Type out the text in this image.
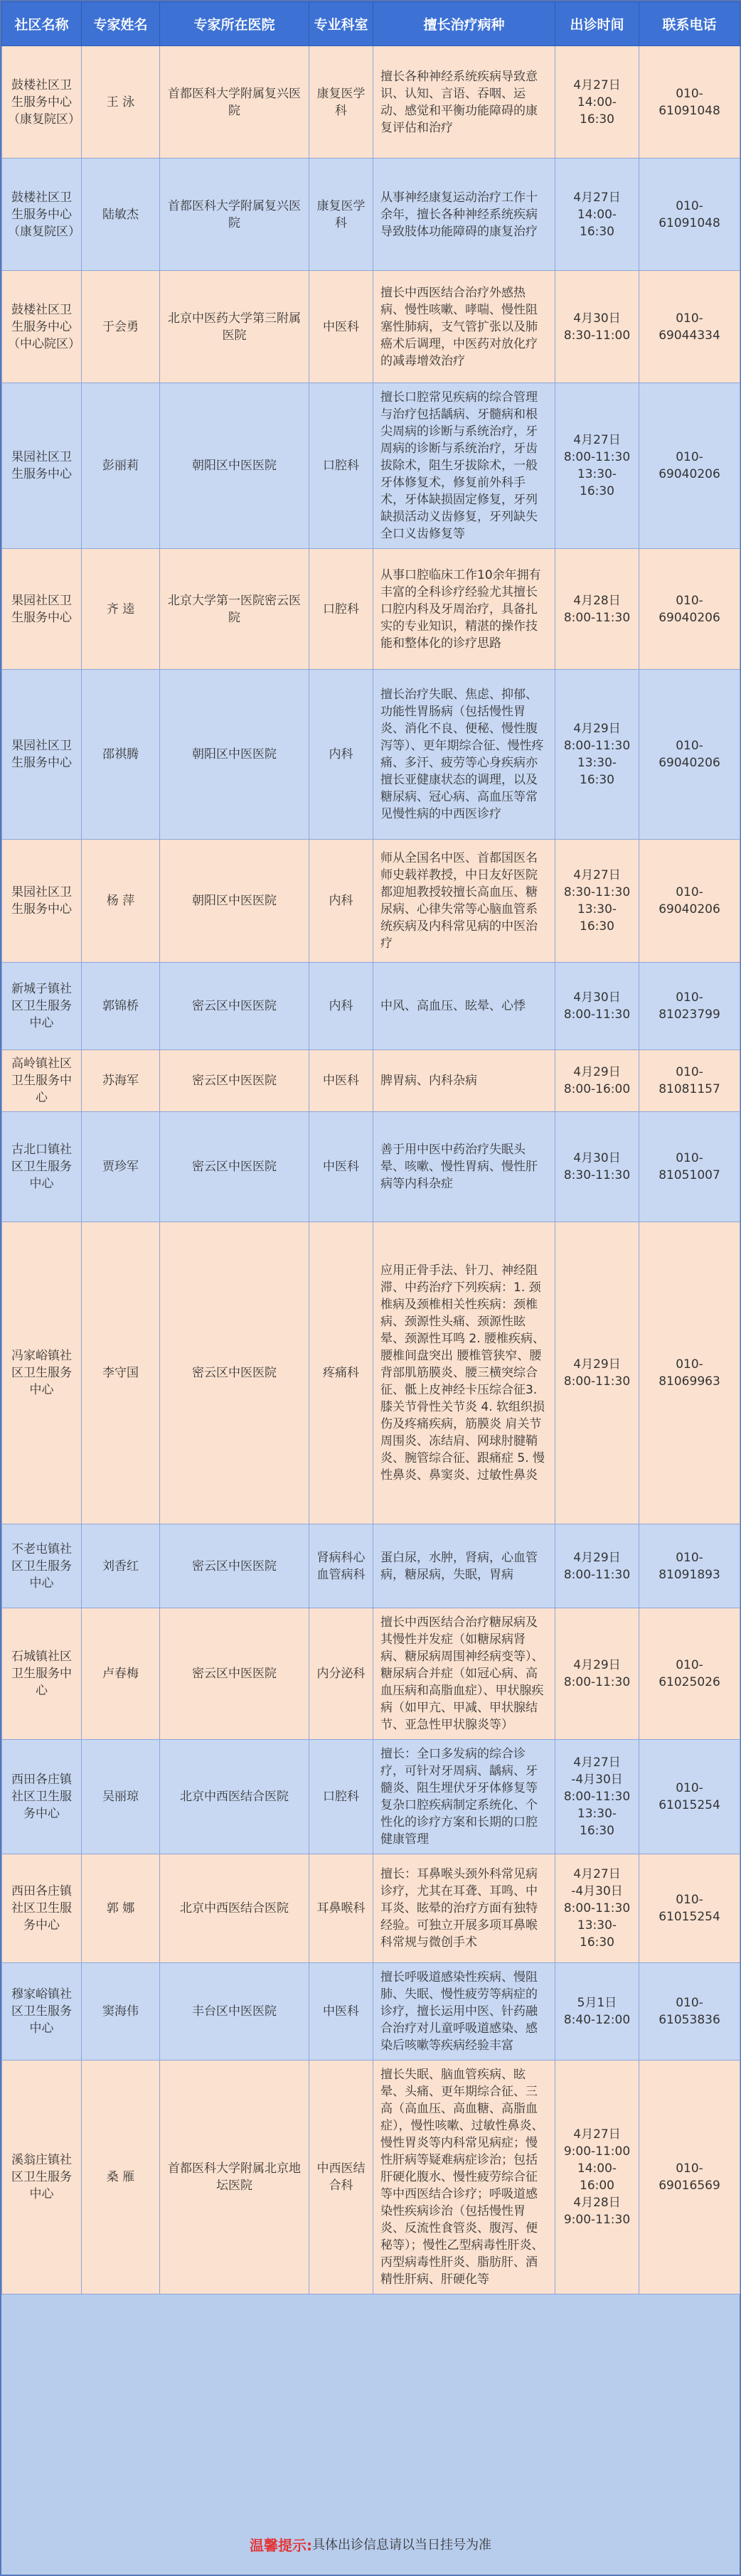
社区名称	专家姓名	专家所在医院	专业科室	擅长治疗病种	出诊时间	联系电话
鼓楼社区卫生服务中心（康复院区）	王 泳	首都医科大学附属复兴医院	康复医学科	擅长各种神经系统疾病导致意识、认知、言语、吞咽、运动、感觉和平衡功能障碍的康复评估和治疗	4月27日
14:00-16:30	010-61091048
鼓楼社区卫生服务中心（康复院区）	陆敏杰	首都医科大学附属复兴医院	康复医学科	从事神经康复运动治疗工作十余年，擅长各种神经系统疾病导致肢体功能障碍的康复治疗	4月27日
14:00-16:30	010-61091048
鼓楼社区卫生服务中心（中心院区）	于会勇	北京中医药大学第三附属医院	中医科	擅长中西医结合治疗外感热病、慢性咳嗽、哮喘、慢性阻塞性肺病，支气管扩张以及肺癌术后调理，中医药对放化疗的减毒增效治疗	4月30日
8:30-11:00	010-69044334
果园社区卫生服务中心	彭丽莉	朝阳区中医医院	口腔科	擅长口腔常见疾病的综合管理与治疗包括龋病、牙髓病和根尖周病的诊断与系统治疗，牙周病的诊断与系统治疗，牙齿拔除术，阻生牙拔除术，一般牙体修复术，修复前外科手术，牙体缺损固定修复，牙列缺损活动义齿修复，牙列缺失全口义齿修复等	4月27日
8:00-11:30
13:30-16:30	010-69040206
果园社区卫生服务中心	齐 逵	北京大学第一医院密云医院	口腔科	从事口腔临床工作10余年拥有丰富的全科诊疗经验尤其擅长口腔内科及牙周治疗，具备扎实的专业知识，精湛的操作技能和整体化的诊疗思路	4月28日
8:00-11:30	010-69040206
果园社区卫生服务中心	邵祺腾	朝阳区中医医院	内科	擅长治疗失眠、焦虑、抑郁、功能性胃肠病（包括慢性胃炎、消化不良、便秘、慢性腹泻等）、更年期综合征、慢性疼痛、多汗、疲劳等心身疾病亦擅长亚健康状态的调理，以及糖尿病、冠心病、高血压等常见慢性病的中西医诊疗	4月29日
8:00-11:30
13:30-16:30	010-69040206
果园社区卫生服务中心	杨 萍	朝阳区中医医院	内科	师从全国名中医、首都国医名师史载祥教授，中日友好医院都迎旭教授较擅长高血压、糖尿病、心律失常等心脑血管系统疾病及内科常见病的中医治疗	4月27日
8:30-11:30
13:30-16:30	010-69040206
新城子镇社区卫生服务中心	郭锦桥	密云区中医医院	内科	中风、高血压、眩晕、心悸	4月30日
8:00-11:30	010-81023799
高岭镇社区卫生服务中心	苏海军	密云区中医医院	中医科	脾胃病、内科杂病	4月29日
8:00-16:00	010-81081157
古北口镇社区卫生服务中心	贾珍军	密云区中医医院	中医科	善于用中医中药治疗失眠头晕、咳嗽、慢性胃病、慢性肝病等内科杂症	4月30日
8:30-11:30	010-81051007
冯家峪镇社区卫生服务中心	李守国	密云区中医医院	疼痛科	应用正骨手法、针刀、神经阻滞、中药治疗下列疾病：1. 颈椎病及颈椎相关性疾病：颈椎病、颈源性头痛、颈源性眩晕、颈源性耳鸣 2. 腰椎疾病、腰椎间盘突出 腰椎管狭窄、腰背部肌筋膜炎、腰三横突综合征、骶上皮神经卡压综合征3. 膝关节骨性关节炎 4. 软组织损伤及疼痛疾病，筋膜炎 肩关节周围炎、冻结肩、网球肘腱鞘炎、腕管综合征、跟痛症 5. 慢性鼻炎、鼻窦炎、过敏性鼻炎	4月29日
8:00-11:30	010-81069963
不老屯镇社区卫生服务中心	刘香红	密云区中医医院	肾病科心血管病科	蛋白尿，水肿，肾病，心血管病，糖尿病，失眠，胃病	4月29日
8:00-11:30	010-81091893
石城镇社区卫生服务中心	卢春梅	密云区中医医院	内分泌科	擅长中西医结合治疗糖尿病及其慢性并发症（如糖尿病肾病、糖尿病周围神经病变等）、糖尿病合并症（如冠心病、高血压病和高脂血症）、甲状腺疾病（如甲亢、甲减、甲状腺结节、亚急性甲状腺炎等）	4月29日
8:00-11:30	010-61025026
西田各庄镇社区卫生服务中心	吴丽琼	北京中西医结合医院	口腔科	擅长：全口多发病的综合诊疗，可针对牙周病、龋病、牙髓炎、阻生埋伏牙牙体修复等复杂口腔疾病制定系统化、个性化的诊疗方案和长期的口腔健康管理	4月27日
-4月30日
8:00-11:30
13:30-16:30	010-61015254
西田各庄镇社区卫生服务中心	郭 娜	北京中西医结合医院	耳鼻喉科	擅长：耳鼻喉头颈外科常见病诊疗，尤其在耳聋、耳鸣、中耳炎、眩晕的治疗方面有独特经验。可独立开展多项耳鼻喉科常规与微创手术	4月27日
-4月30日
8:00-11:30
13:30-16:30	010-61015254
穆家峪镇社区卫生服务中心	窦海伟	丰台区中医医院	中医科	擅长呼吸道感染性疾病、慢阻肺、失眠、慢性疲劳等病症的诊疗，擅长运用中医、针药融合治疗对儿童呼吸道感染、感染后咳嗽等疾病经验丰富	5月1日
8:40-12:00	010-61053836
溪翁庄镇社区卫生服务中心	桑 雁	首都医科大学附属北京地坛医院	中西医结合科	擅长失眠、脑血管疾病、眩晕、头痛、更年期综合征、三高（高血压、高血糖、高脂血症），慢性咳嗽、过敏性鼻炎、慢性胃炎等内科常见病症；慢性肝病等疑难病症诊治；包括肝硬化腹水、慢性疲劳综合征等中西医结合诊疗；呼吸道感染性疾病诊治（包括慢性胃炎、反流性食管炎、腹泻、便秘等）；慢性乙型病毒性肝炎、丙型病毒性肝炎、脂肪肝、酒精性肝病、肝硬化等	4月27日
9:00-11:00
14:00-16:00
4月28日
9:00-11:30	010-69016569
温馨提示: 具体出诊信息请以当日挂号为准
